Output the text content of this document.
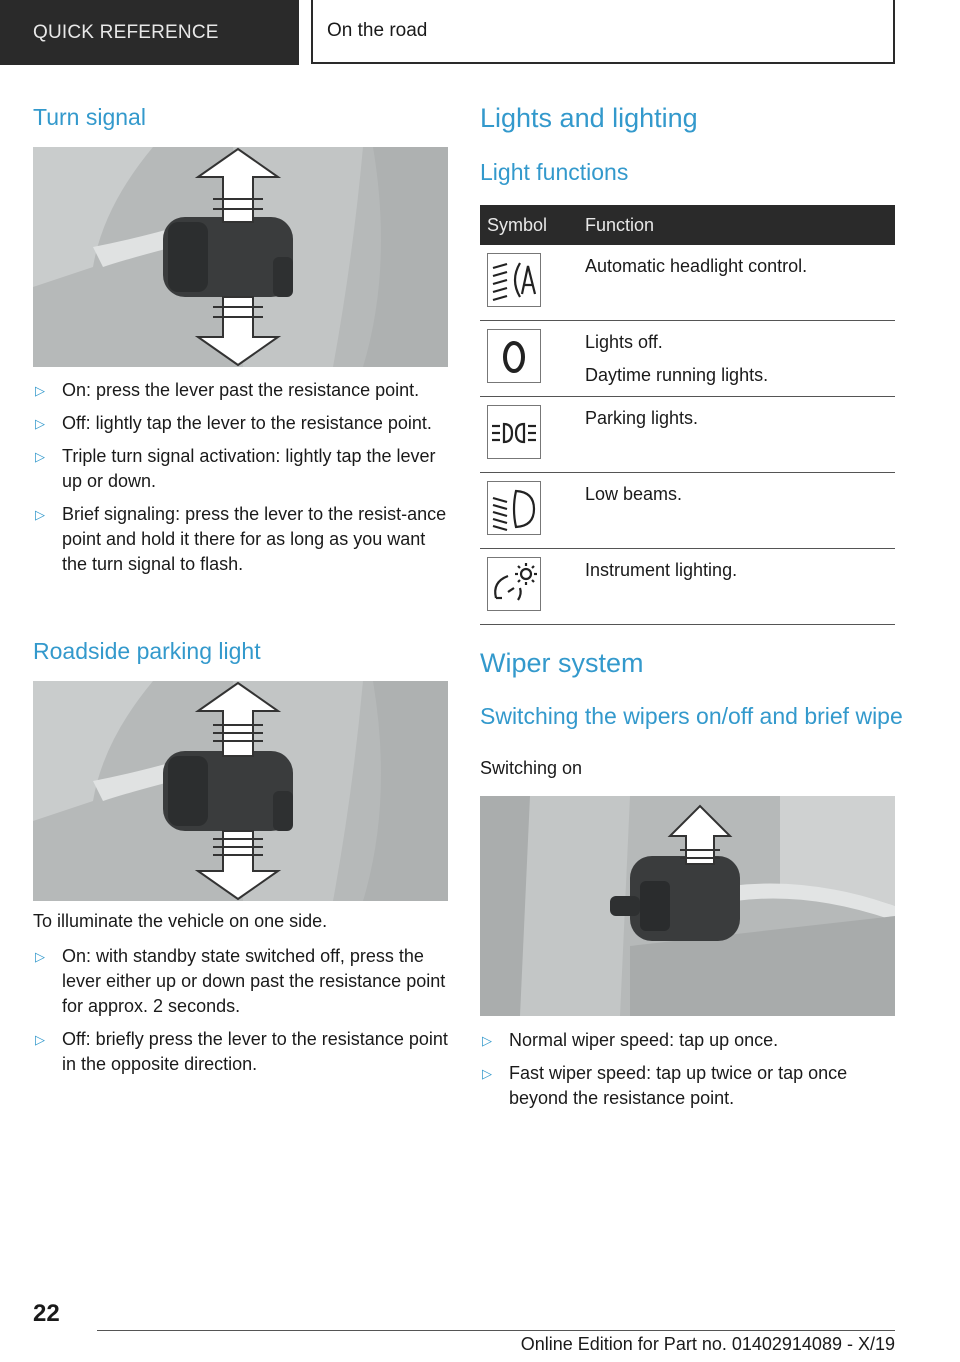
QUICK REFERENCE	On the road
Turn signal
▷ On: press the lever past the resistance point.
▷ Off: lightly tap the lever to the resistance point.
▷ Triple turn signal activation: lightly tap the lever up or down.
▷ Brief signaling: press the lever to the resist-ance point and hold it there for as long as you want the turn signal to flash.
Roadside parking light

To illuminate the vehicle on one side.

▷ On: with standby state switched off, press the lever either up or down past the resistance point for approx. 2 seconds.
▷ Off: briefly press the lever to the resistance point in the opposite direction.
Lights and lighting
Light functions
Symbol	Function

Automatic headlight control.

Lights off.

Daytime running lights.

Parking lights.

Low beams.

Instrument lighting.

Wiper system
Switching the wipers on/off and brief wipe

Switching on

▷ Normal wiper speed: tap up once.
▷ Fast wiper speed: tap up twice or tap once beyond the resistance point.
22
Online Edition for Part no. 01402914089 - X/19
